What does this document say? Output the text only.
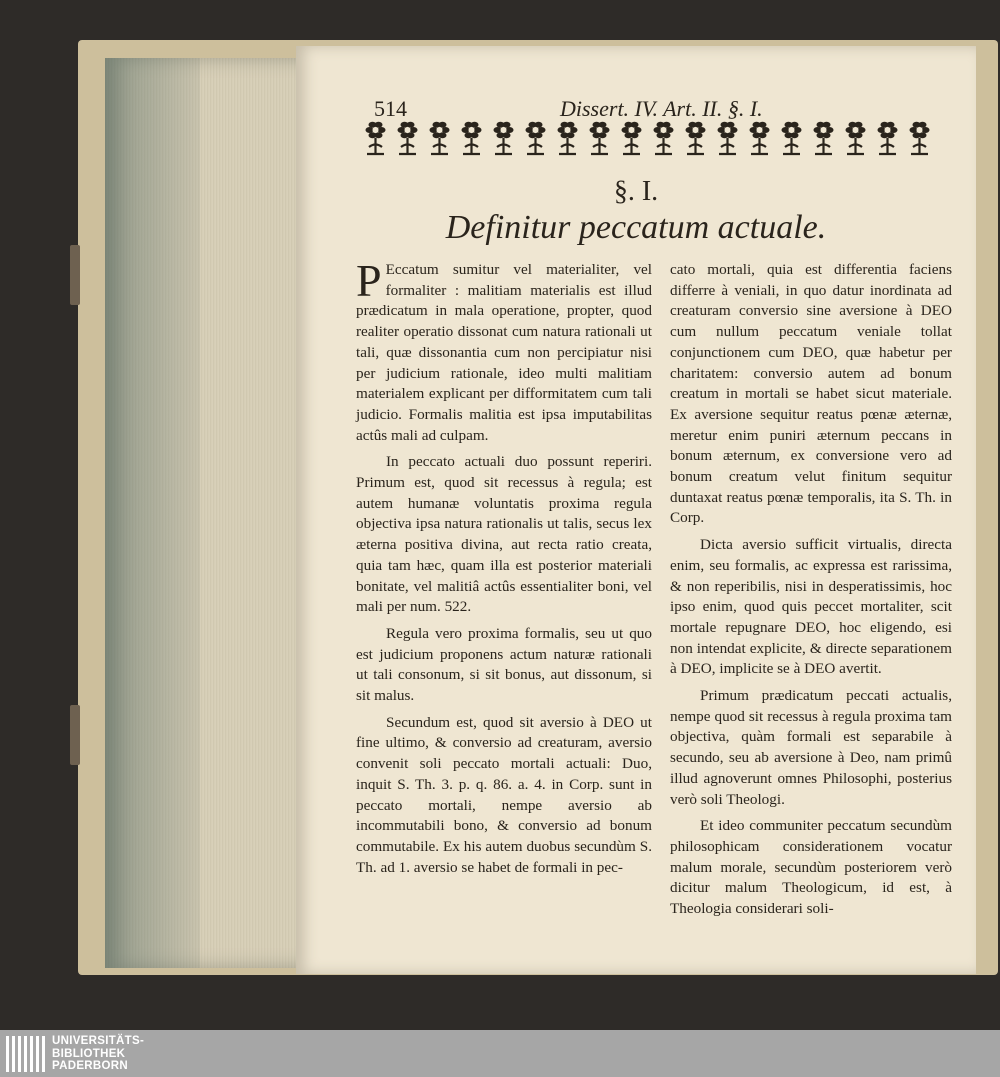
514	Dissert. IV. Art. II. §. I.
§. I.
Definitur peccatum actuale.

P Eccatum sumitur vel materialiter, vel formaliter : malitiam materialis est illud prædicatum in mala operatione, propter, quod realiter operatio dissonat cum natura rationali ut tali, quæ dissonantia cum non percipiatur nisi per judicium rationale, ideo multi malitiam materialem explicant per difformitatem cum tali judicio. Formalis malitia est ipsa imputabilitas actûs mali ad culpam.

In peccato actuali duo possunt reperiri. Primum est, quod sit recessus à regula; est autem humanæ voluntatis proxima regula objectiva ipsa natura rationalis ut talis, secus lex æterna positiva divina, aut recta ratio creata, quia tam hæc, quam illa est posterior materiali bonitate, vel malitiâ actûs essentialiter boni, vel mali per num. 522.

Regula vero proxima formalis, seu ut quo est judicium proponens actum naturæ rationali ut tali consonum, si sit bonus, aut dissonum, si sit malus.

Secundum est, quod sit aversio à DEO ut fine ultimo, & conversio ad creaturam, aversio convenit soli peccato mortali actuali: Duo, inquit S. Th. 3. p. q. 86. a. 4. in Corp. sunt in peccato mortali, nempe aversio ab incommutabili bono, & conversio ad bonum commutabile. Ex his autem duobus secundùm S. Th. ad 1. aversio se habet de formali in pec-

cato mortali, quia est differentia faciens differre à veniali, in quo datur inordinata ad creaturam conversio sine aversione à DEO cum nullum peccatum veniale tollat conjunctionem cum DEO, quæ habetur per charitatem: conversio autem ad bonum creatum in mortali se habet sicut materiale. Ex aversione sequitur reatus pœnæ æternæ, meretur enim puniri æternum peccans in bonum æternum, ex conversione vero ad bonum creatum velut finitum sequitur duntaxat reatus pœnæ temporalis, ita S. Th. in Corp.

Dicta aversio sufficit virtualis, directa enim, seu formalis, ac expressa est rarissima, & non reperibilis, nisi in desperatissimis, hoc ipso enim, quod quis peccet mortaliter, scit mortale repugnare DEO, hoc eligendo, esi non intendat explicite, & directe separationem à DEO, implicite se à DEO avertit.

Primum prædicatum peccati actualis, nempe quod sit recessus à regula proxima tam objectiva, quàm formali est separabile à secundo, seu ab aversione à Deo, nam primû illud agnoverunt omnes Philosophi, posterius verò soli Theologi.

Et ideo communiter peccatum secundùm philosophicam considerationem vocatur malum morale, secundùm posteriorem verò dicitur malum Theologicum, id est, à Theologia considerari soli-

UNIVERSITÄTS-
BIBLIOTHEK
PADERBORN
